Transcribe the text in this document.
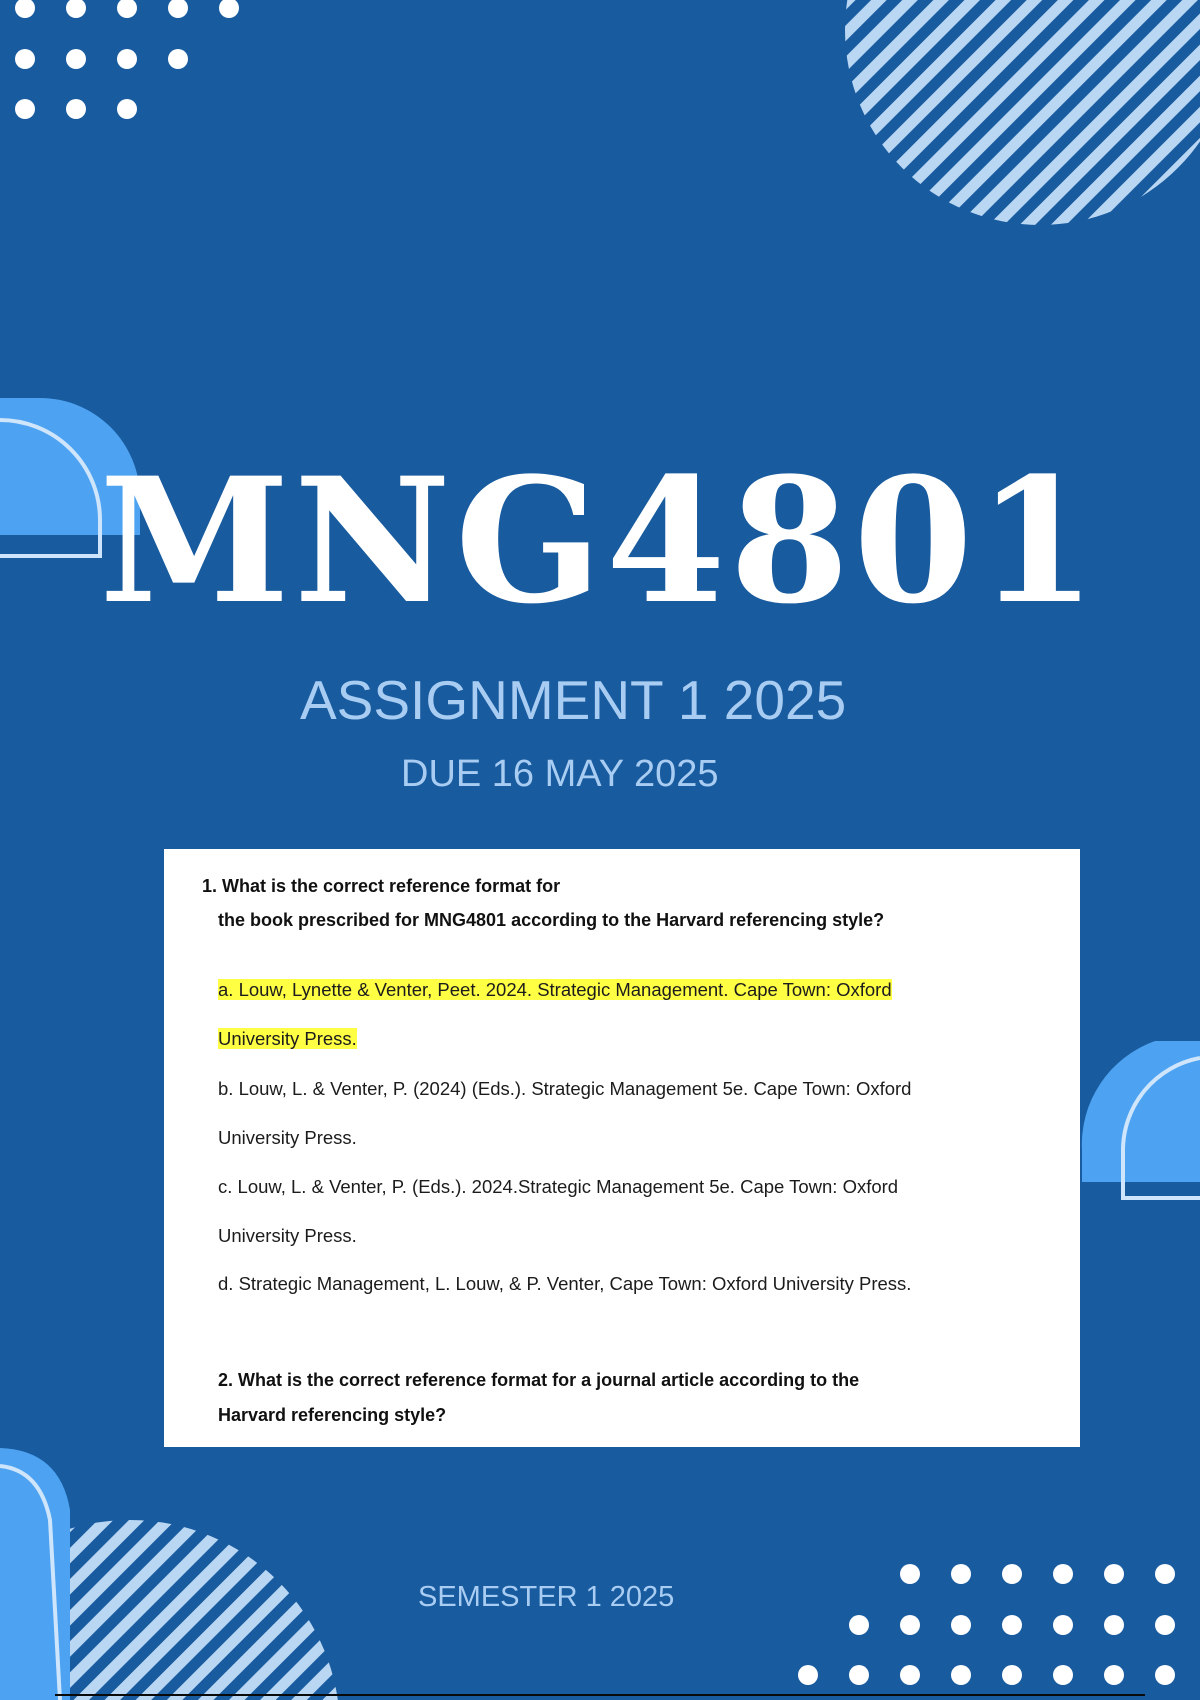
MNG4801

ASSIGNMENT 1 2025

DUE 16 MAY 2025

1. What is the correct reference format for
the book prescribed for MNG4801 according to the Harvard referencing style?
a. Louw, Lynette & Venter, Peet. 2024. Strategic Management. Cape Town: Oxford
University Press.
b. Louw, L. & Venter, P. (2024) (Eds.). Strategic Management 5e. Cape Town: Oxford
University Press.
c. Louw, L. & Venter, P. (Eds.). 2024.Strategic Management 5e. Cape Town: Oxford
University Press.
d. Strategic Management, L. Louw, & P. Venter, Cape Town: Oxford University Press.
2. What is the correct reference format for a journal article according to the
Harvard referencing style?

SEMESTER 1 2025
